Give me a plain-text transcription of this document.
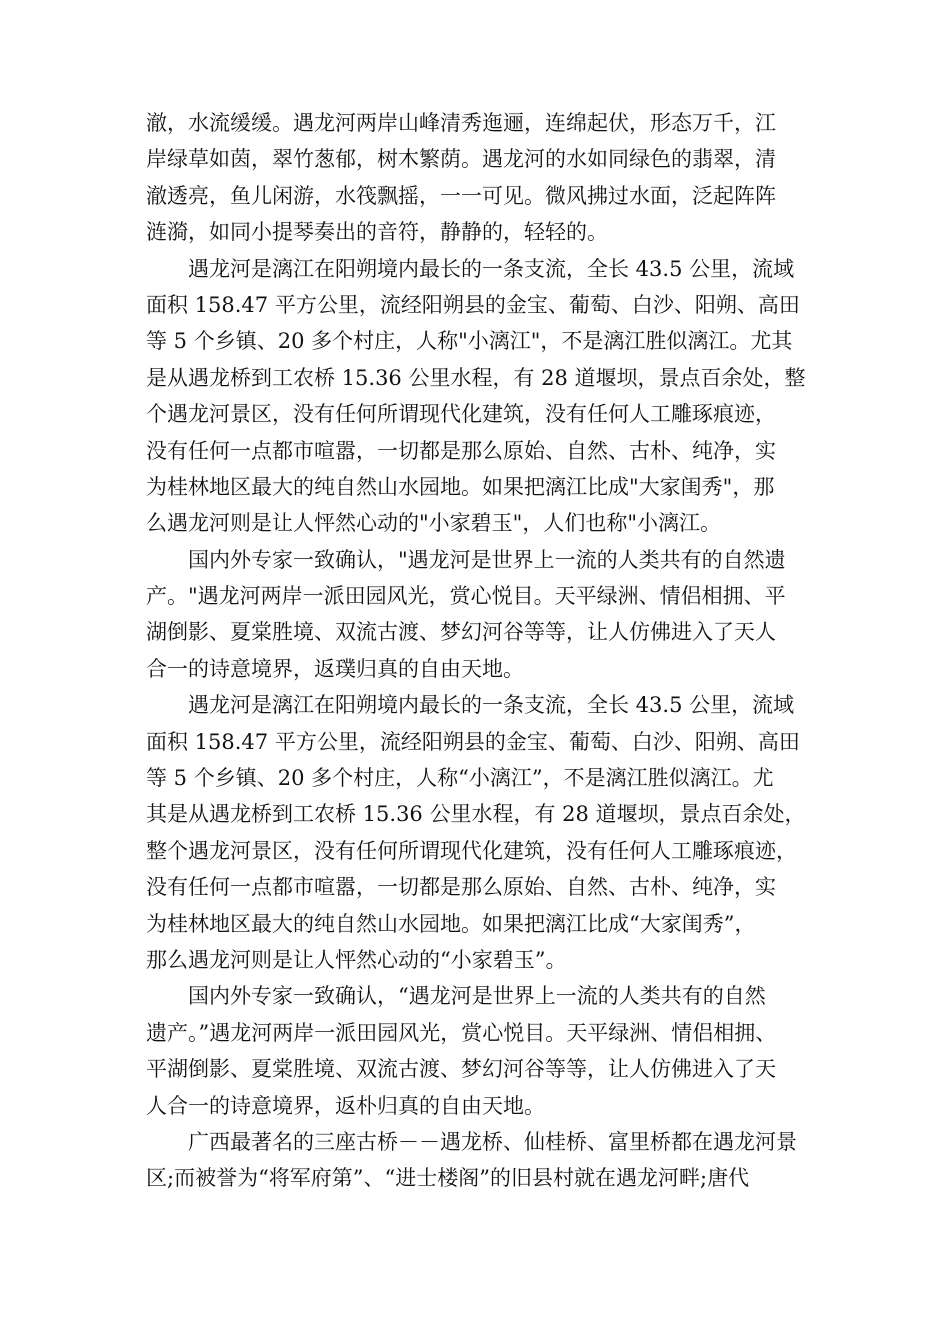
澈，水流缓缓。遇龙河两岸山峰清秀迤逦，连绵起伏，形态万千，江
岸绿草如茵，翠竹葱郁，树木繁荫。遇龙河的水如同绿色的翡翠，清
澈透亮，鱼儿闲游，水筏飘摇，一一可见。微风拂过水面，泛起阵阵
涟漪，如同小提琴奏出的音符，静静的，轻轻的。

　　遇龙河是漓江在阳朔境内最长的一条支流，全长 43.5 公里，流域
面积 158.47 平方公里，流经阳朔县的金宝、葡萄、白沙、阳朔、高田
等 5 个乡镇、20 多个村庄，人称"小漓江"，不是漓江胜似漓江。尤其
是从遇龙桥到工农桥 15.36 公里水程，有 28 道堰坝，景点百余处，整
个遇龙河景区，没有任何所谓现代化建筑，没有任何人工雕琢痕迹，
没有任何一点都市喧嚣，一切都是那么原始、自然、古朴、纯净，实
为桂林地区最大的纯自然山水园地。如果把漓江比成"大家闺秀"，那
么遇龙河则是让人怦然心动的"小家碧玉"，人们也称"小漓江。

　　国内外专家一致确认，"遇龙河是世界上一流的人类共有的自然遗
产。"遇龙河两岸一派田园风光，赏心悦目。天平绿洲、情侣相拥、平
湖倒影、夏棠胜境、双流古渡、梦幻河谷等等，让人仿佛进入了天人
合一的诗意境界，返璞归真的自由天地。

　　遇龙河是漓江在阳朔境内最长的一条支流，全长 43.5 公里，流域
面积 158.47 平方公里，流经阳朔县的金宝、葡萄、白沙、阳朔、高田
等 5 个乡镇、20 多个村庄，人称“小漓江”，不是漓江胜似漓江。尤
其是从遇龙桥到工农桥 15.36 公里水程，有 28 道堰坝，景点百余处，
整个遇龙河景区，没有任何所谓现代化建筑，没有任何人工雕琢痕迹，
没有任何一点都市喧嚣，一切都是那么原始、自然、古朴、纯净，实
为桂林地区最大的纯自然山水园地。如果把漓江比成“大家闺秀”，
那么遇龙河则是让人怦然心动的“小家碧玉”。

　　国内外专家一致确认，“遇龙河是世界上一流的人类共有的自然
遗产。”遇龙河两岸一派田园风光，赏心悦目。天平绿洲、情侣相拥、
平湖倒影、夏棠胜境、双流古渡、梦幻河谷等等，让人仿佛进入了天
人合一的诗意境界，返朴归真的自由天地。

　　广西最著名的三座古桥－－遇龙桥、仙桂桥、富里桥都在遇龙河景
区;而被誉为“将军府第”、“进士楼阁”的旧县村就在遇龙河畔;唐代
